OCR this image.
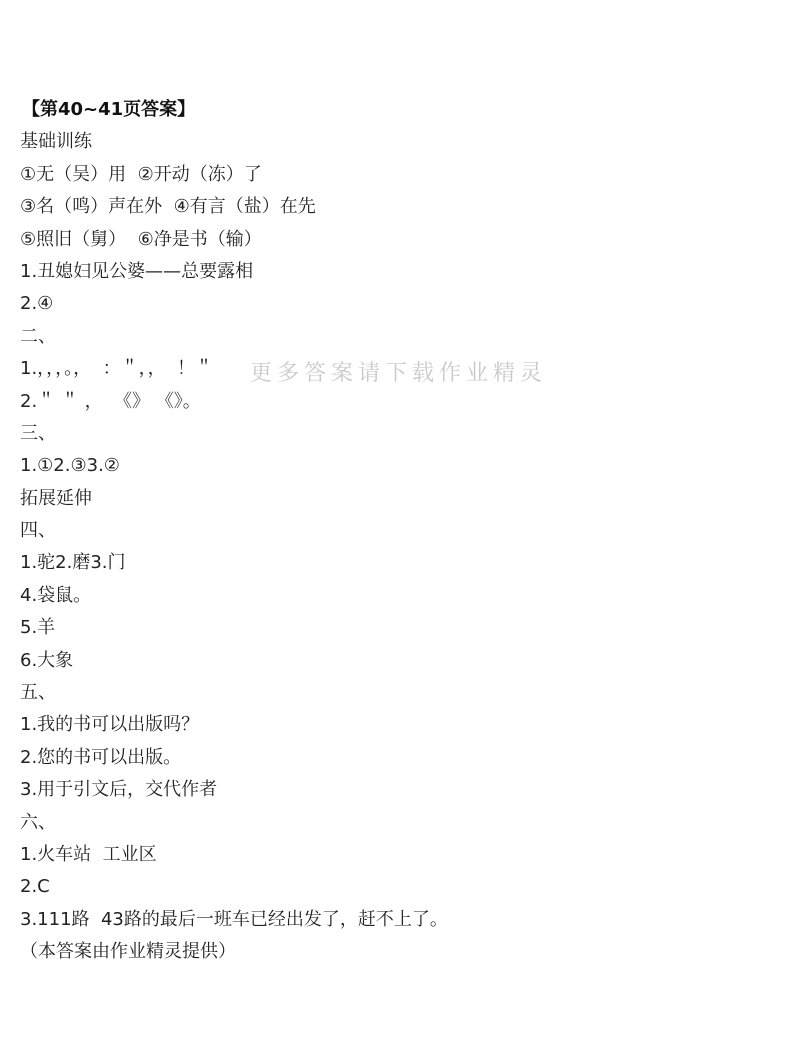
【第40~41页答案】
基础训练
①无（吴）用  ②开动（冻）了
③名（鸣）声在外  ④有言（盐）在先
⑤照旧（舅）  ⑥净是书（输）
1.丑媳妇见公婆——总要露相
2.④
二、
1.，，，。，  ：＂，，  ！＂
2.＂ ＂ ，  《》 《》。
三、
1.①2.③3.②
拓展延伸
四、
1.驼2.磨3.门
4.袋鼠。
5.羊
6.大象
五、
1.我的书可以出版吗？
2.您的书可以出版。
3.用于引文后，交代作者
六、
1.火车站  工业区
2.C
3.111路  43路的最后一班车已经出发了，赶不上了。
（本答案由作业精灵提供）
更多答案请下载作业精灵
